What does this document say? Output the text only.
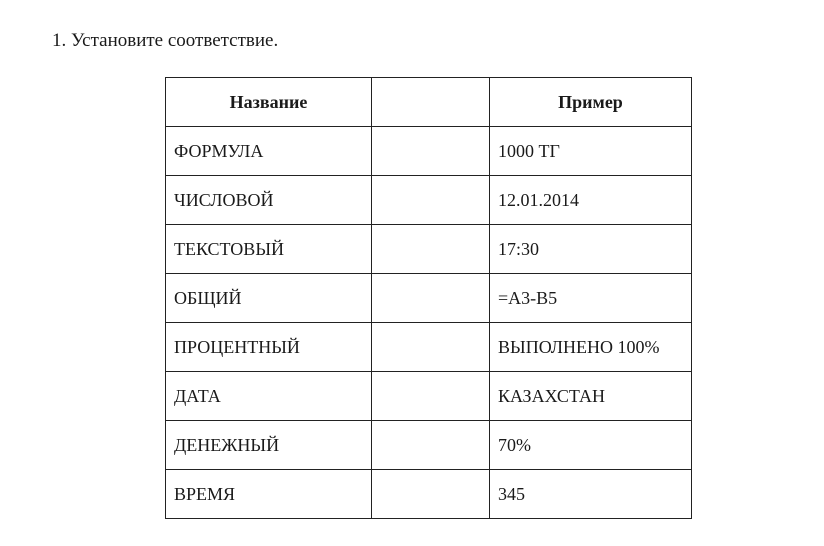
1. Установите соответствие.
Название		Пример
ФОРМУЛА		1000 ТГ
ЧИСЛОВОЙ		12.01.2014
ТЕКСТОВЫЙ		17:30
ОБЩИЙ		=А3-В5
ПРОЦЕНТНЫЙ		ВЫПОЛНЕНО 100%
ДАТА		КАЗАХСТАН
ДЕНЕЖНЫЙ		70%
ВРЕМЯ		345
